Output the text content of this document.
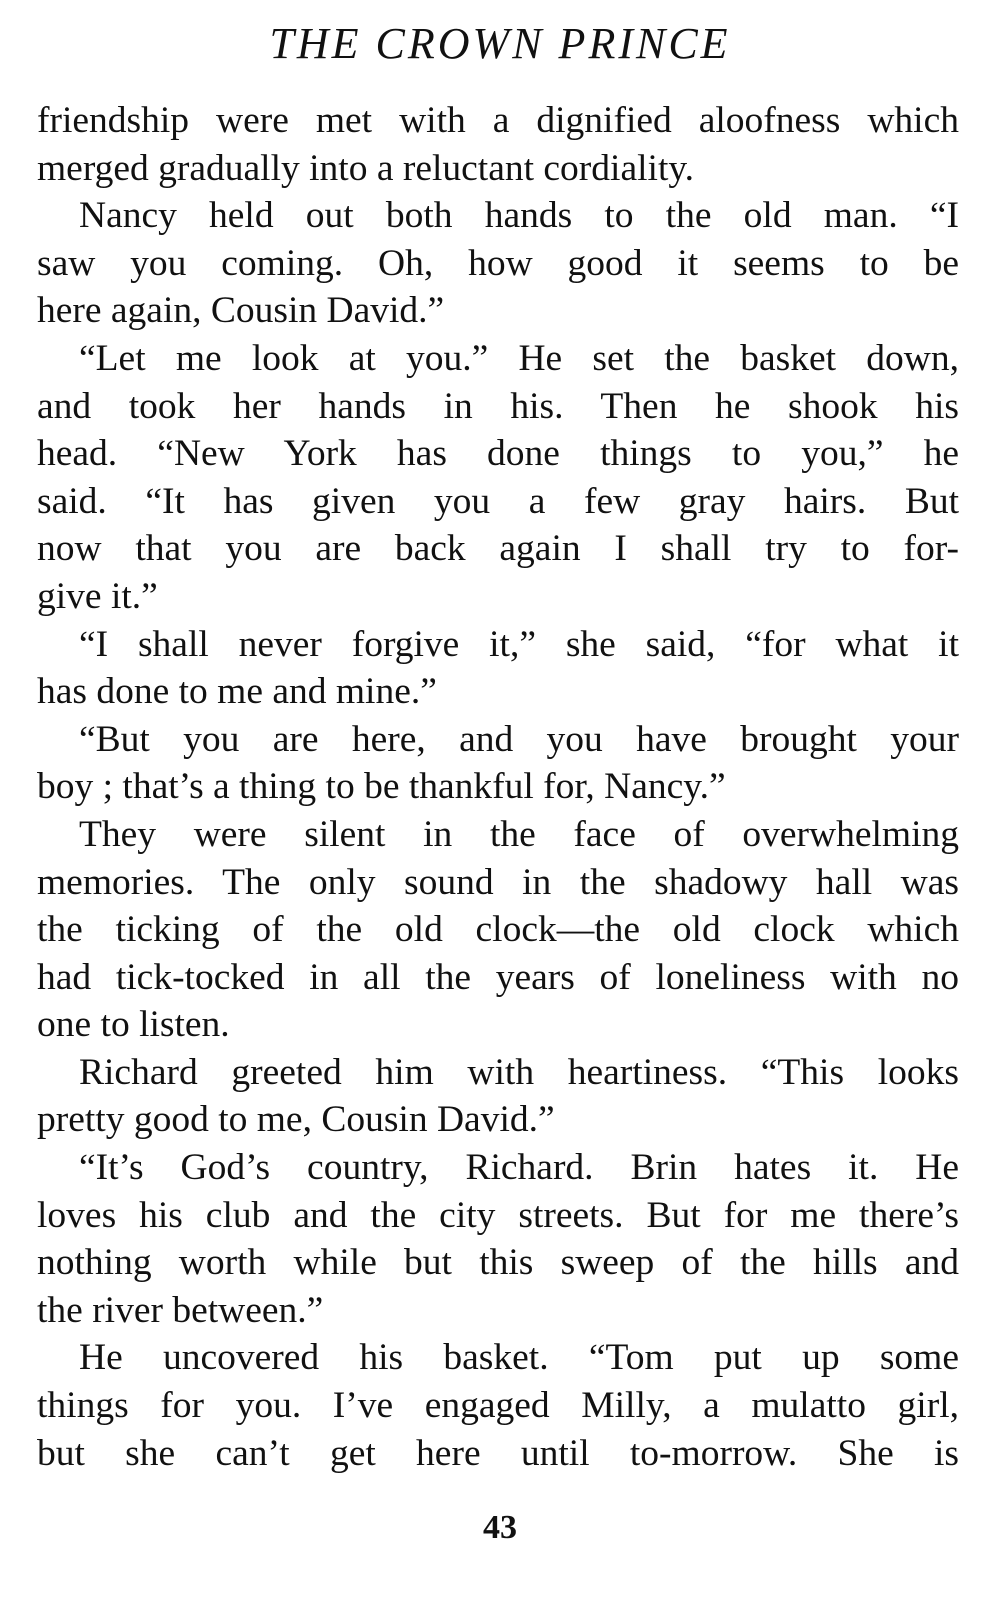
THE CROWN PRINCE
friendship were met with a dignified aloofness which
merged gradually into a reluctant cordiality.
Nancy held out both hands to the old man. “I
saw you coming. Oh, how good it seems to be
here again, Cousin David.”
“Let me look at you.” He set the basket down,
and took her hands in his. Then he shook his
head. “New York has done things to you,” he
said. “It has given you a few gray hairs. But
now that you are back again I shall try to for-
give it.”
“I shall never forgive it,” she said, “for what it
has done to me and mine.”
“But you are here, and you have brought your
boy ; that’s a thing to be thankful for, Nancy.”
They were silent in the face of overwhelming
memories. The only sound in the shadowy hall was
the ticking of the old clock—the old clock which
had tick-tocked in all the years of loneliness with no
one to listen.
Richard greeted him with heartiness. “This looks
pretty good to me, Cousin David.”
“It’s God’s country, Richard. Brin hates it. He
loves his club and the city streets. But for me there’s
nothing worth while but this sweep of the hills and
the river between.”
He uncovered his basket. “Tom put up some
things for you. I’ve engaged Milly, a mulatto girl,
but she can’t get here until to-morrow. She is
43
